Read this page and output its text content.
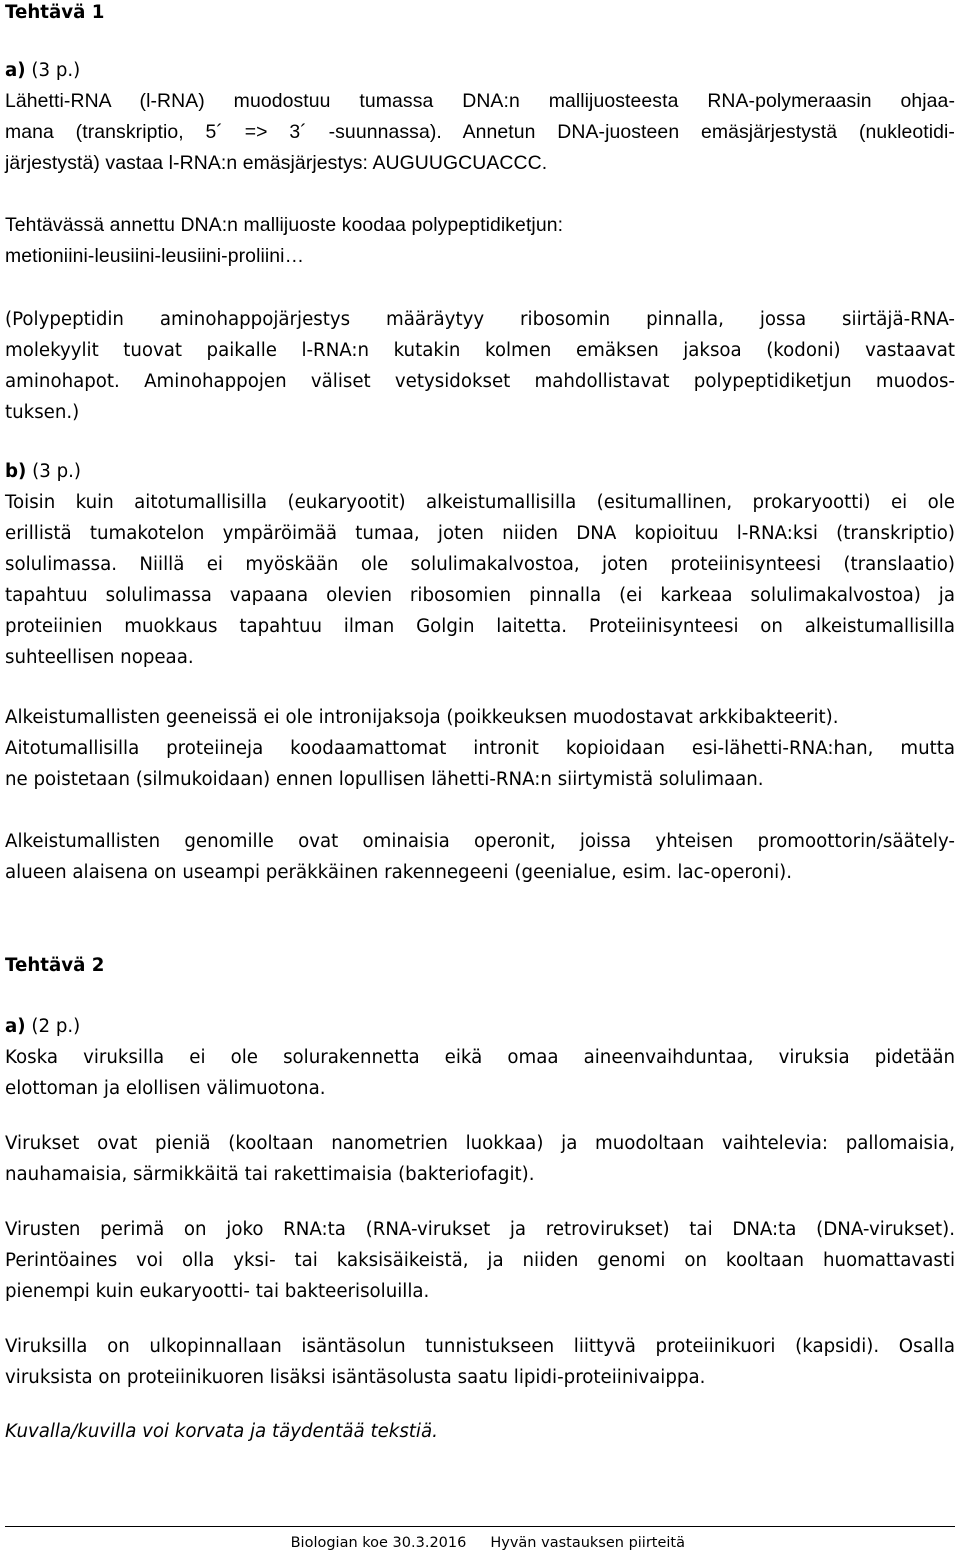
Tehtävä 1
a) (3 p.)
Lähetti-RNA (l-RNA) muodostuu tumassa DNA:n mallijuosteesta RNA-polymeraasin ohjaa-
mana (transkriptio, 5´ => 3´ -suunnassa). Annetun DNA-juosteen emäsjärjestystä (nukleotidi-
järjestystä) vastaa l-RNA:n emäsjärjestys: AUGUUGCUACCC.
Tehtävässä annettu DNA:n mallijuoste koodaa polypeptidiketjun:
metioniini-leusiini-leusiini-proliini…
(Polypeptidin aminohappojärjestys määräytyy ribosomin pinnalla, jossa siirtäjä-RNA-
molekyylit tuovat paikalle l-RNA:n kutakin kolmen emäksen jaksoa (kodoni) vastaavat
aminohapot. Aminohappojen väliset vetysidokset mahdollistavat polypeptidiketjun muodos-
tuksen.)
b) (3 p.)
Toisin kuin aitotumallisilla (eukaryootit) alkeistumallisilla (esitumallinen, prokaryootti) ei ole
erillistä tumakotelon ympäröimää tumaa, joten niiden DNA kopioituu l-RNA:ksi (transkriptio)
solulimassa. Niillä ei myöskään ole solulimakalvostoa, joten proteiinisynteesi (translaatio)
tapahtuu solulimassa vapaana olevien ribosomien pinnalla (ei karkeaa solulimakalvostoa) ja
proteiinien muokkaus tapahtuu ilman Golgin laitetta. Proteiinisynteesi on alkeistumallisilla
suhteellisen nopeaa.
Alkeistumallisten geeneissä ei ole intronijaksoja (poikkeuksen muodostavat arkkibakteerit).
Aitotumallisilla proteiineja koodaamattomat intronit kopioidaan esi-lähetti-RNA:han, mutta
ne poistetaan (silmukoidaan) ennen lopullisen lähetti-RNA:n siirtymistä solulimaan.
Alkeistumallisten genomille ovat ominaisia operonit, joissa yhteisen promoottorin/säätely-
alueen alaisena on useampi peräkkäinen rakennegeeni (geenialue, esim. lac-operoni).
Tehtävä 2
a) (2 p.)
Koska viruksilla ei ole solurakennetta eikä omaa aineenvaihduntaa, viruksia pidetään
elottoman ja elollisen välimuotona.
Virukset ovat pieniä (kooltaan nanometrien luokkaa) ja muodoltaan vaihtelevia: pallomaisia,
nauhamaisia, särmikkäitä tai rakettimaisia (bakteriofagit).
Virusten perimä on joko RNA:ta (RNA-virukset ja retrovirukset) tai DNA:ta (DNA-virukset).
Perintöaines voi olla yksi- tai kaksisäikeistä, ja niiden genomi on kooltaan huomattavasti
pienempi kuin eukaryootti- tai bakteerisoluilla.
Viruksilla on ulkopinnallaan isäntäsolun tunnistukseen liittyvä proteiinikuori (kapsidi). Osalla
viruksista on proteiinikuoren lisäksi isäntäsolusta saatu lipidi-proteiinivaippa.
Kuvalla/kuvilla voi korvata ja täydentää tekstiä.
Biologian koe 30.3.2016 Hyvän vastauksen piirteitä
